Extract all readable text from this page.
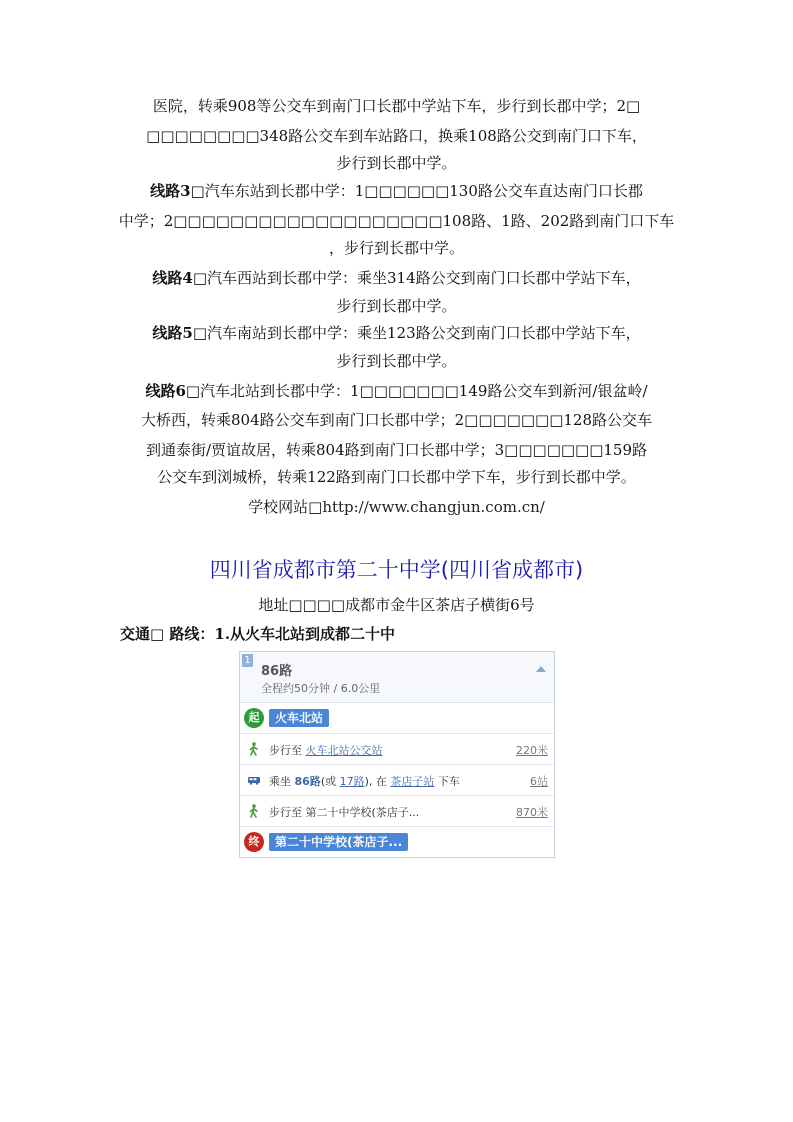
医院，转乘908等公交车到南门口长郡中学站下车，步行到长郡中学；2□
□□□□□□□□348路公交车到车站路口，换乘108路公交到南门口下车，
步行到长郡中学。
线路3□汽车东站到长郡中学：1□□□□□□130路公交车直达南门口长郡
中学；2□□□□□□□□□□□□□□□□□□□108路、1路、202路到南门口下车
，步行到长郡中学。
线路4□汽车西站到长郡中学：乘坐314路公交到南门口长郡中学站下车，
步行到长郡中学。
线路5□汽车南站到长郡中学：乘坐123路公交到南门口长郡中学站下车，
步行到长郡中学。
线路6□汽车北站到长郡中学：1□□□□□□□149路公交车到新河/银盆岭/
大桥西，转乘804路公交车到南门口长郡中学；2□□□□□□□128路公交车
到通泰街/贾谊故居，转乘804路到南门口长郡中学；3□□□□□□□159路
公交车到浏城桥，转乘122路到南门口长郡中学下车，步行到长郡中学。
学校网站□http://www.changjun.com.cn/
四川省成都市第二十中学(四川省成都市)
地址□□□□成都市金牛区茶店子横街6号
交通□ 路线：1.从火车北站到成都二十中
1
86路
全程约50分钟 / 6.0公里
起	火车北站
步行至 火车北站公交站	220米
乘坐 86路(或 17路), 在 茶店子站 下车	6站
步行至 第二十中学校(茶店子...	870米
终	第二十中学校(茶店子...
